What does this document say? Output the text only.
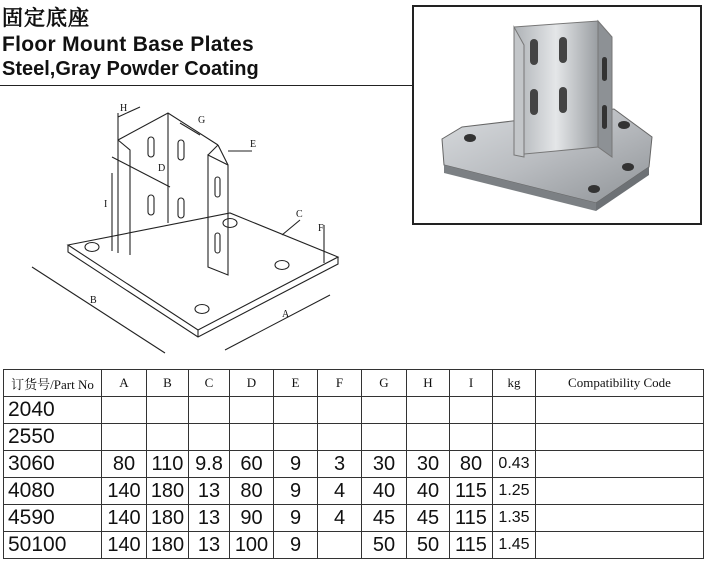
固定底座
Floor Mount Base Plates
Steel,Gray Powder Coating
H
G
D
E
I
C
F
B
A
订货号/Part No	A	B	C	D	E	F	G	H	I	kg	Compatibility Code
2040											
2550											
3060	80	110	9.8	60	9	3	30	30	80	0.43	
4080	140	180	13	80	9	4	40	40	115	1.25	
4590	140	180	13	90	9	4	45	45	115	1.35	
50100	140	180	13	100	9		50	50	115	1.45	
